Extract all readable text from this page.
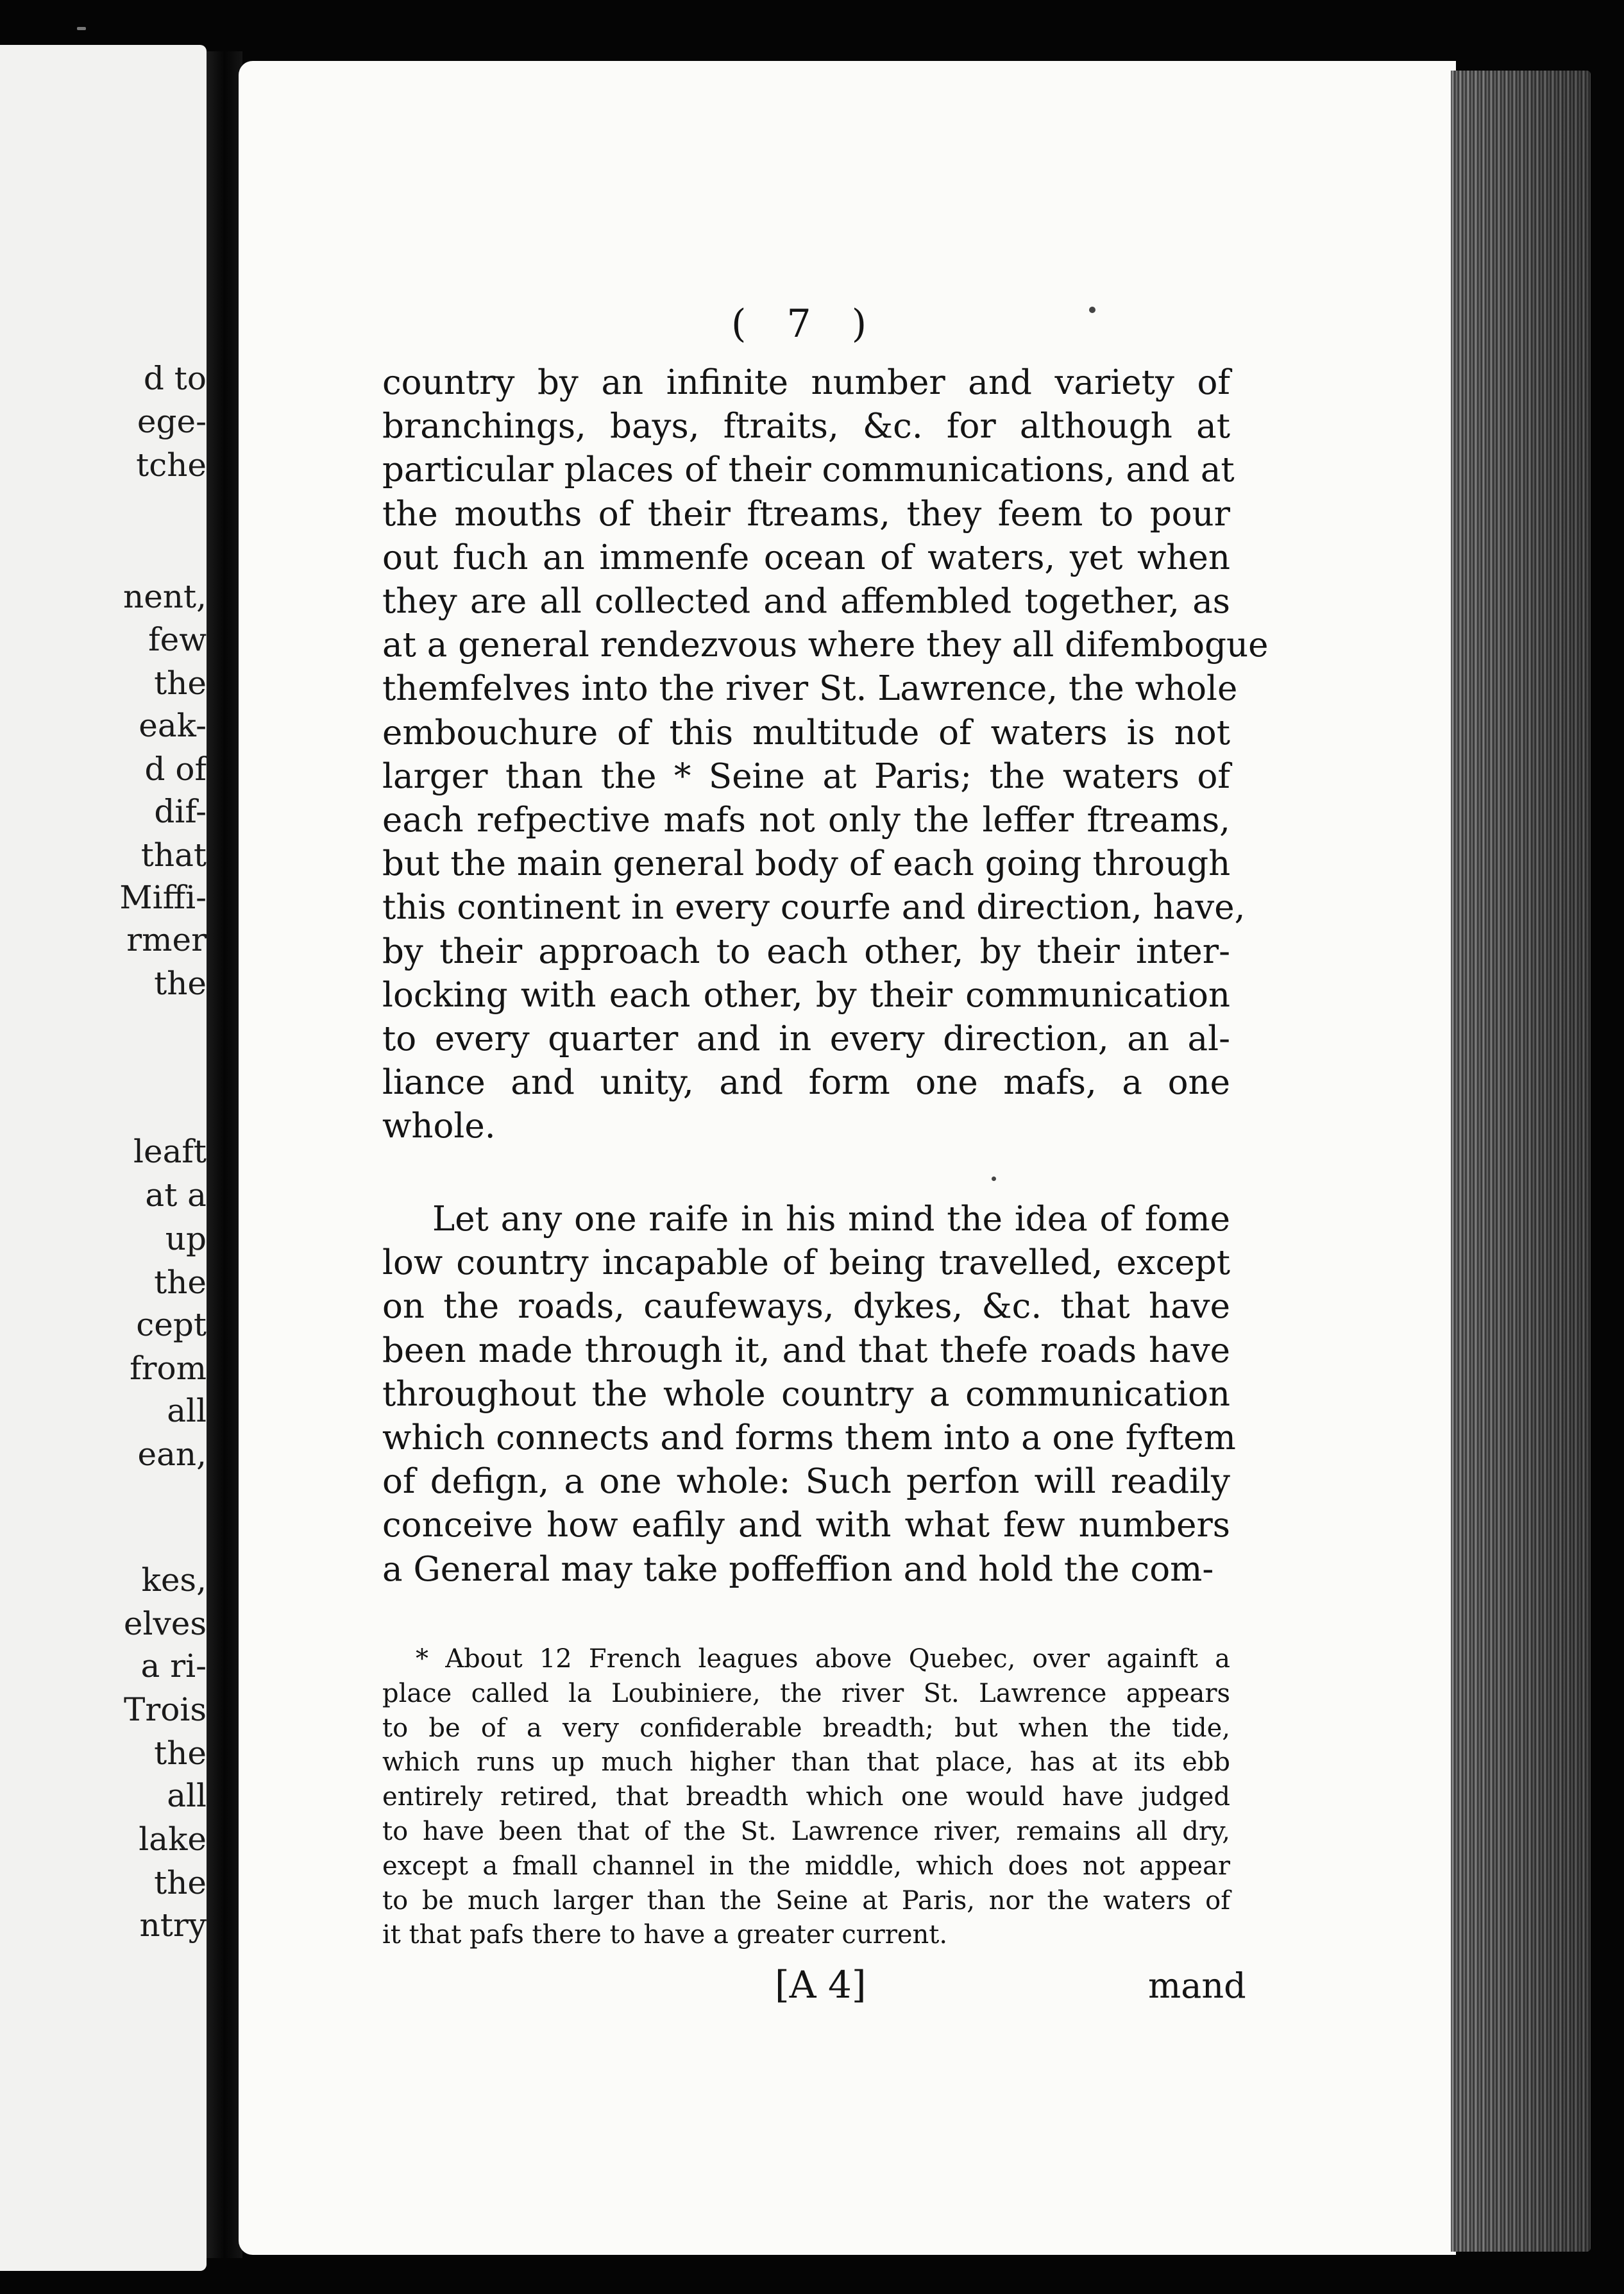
d to
ege-
tche
nent,
few
the
eak-
d of
dif-
that
Miffi-
rmer
the
leaft
at a
up
the
cept
from
all
ean,
kes,
elves
a ri-
Trois
the
all
lake
the
ntry
( 7 )
country by an infinite number and variety of
branchings, bays, ftraits, &c. for although at
particular places of their communications, and at
the mouths of their ftreams, they feem to pour
out fuch an immenfe ocean of waters, yet when
they are all collected and affembled together, as
at a general rendezvous where they all difembogue
themfelves into the river St. Lawrence, the whole
embouchure of this multitude of waters is not
larger than the * Seine at Paris; the waters of
each refpective mafs not only the leffer ftreams,
but the main general body of each going through
this continent in every courfe and direction, have,
by their approach to each other, by their inter-
locking with each other, by their communication
to every quarter and in every direction, an al-
liance and unity, and form one mafs, a one
whole.
Let any one raife in his mind the idea of fome
low country incapable of being travelled, except
on the roads, caufeways, dykes, &c. that have
been made through it, and that thefe roads have
throughout the whole country a communication
which connects and forms them into a one fyftem
of defign, a one whole: Such perfon will readily
conceive how eafily and with what few numbers
a General may take poffeffion and hold the com-
* About 12 French leagues above Quebec, over againft a
place called la Loubiniere, the river St. Lawrence appears
to be of a very confiderable breadth; but when the tide,
which runs up much higher than that place, has at its ebb
entirely retired, that breadth which one would have judged
to have been that of the St. Lawrence river, remains all dry,
except a fmall channel in the middle, which does not appear
to be much larger than the Seine at Paris, nor the waters of
it that pafs there to have a greater current.
[A 4]	mand
